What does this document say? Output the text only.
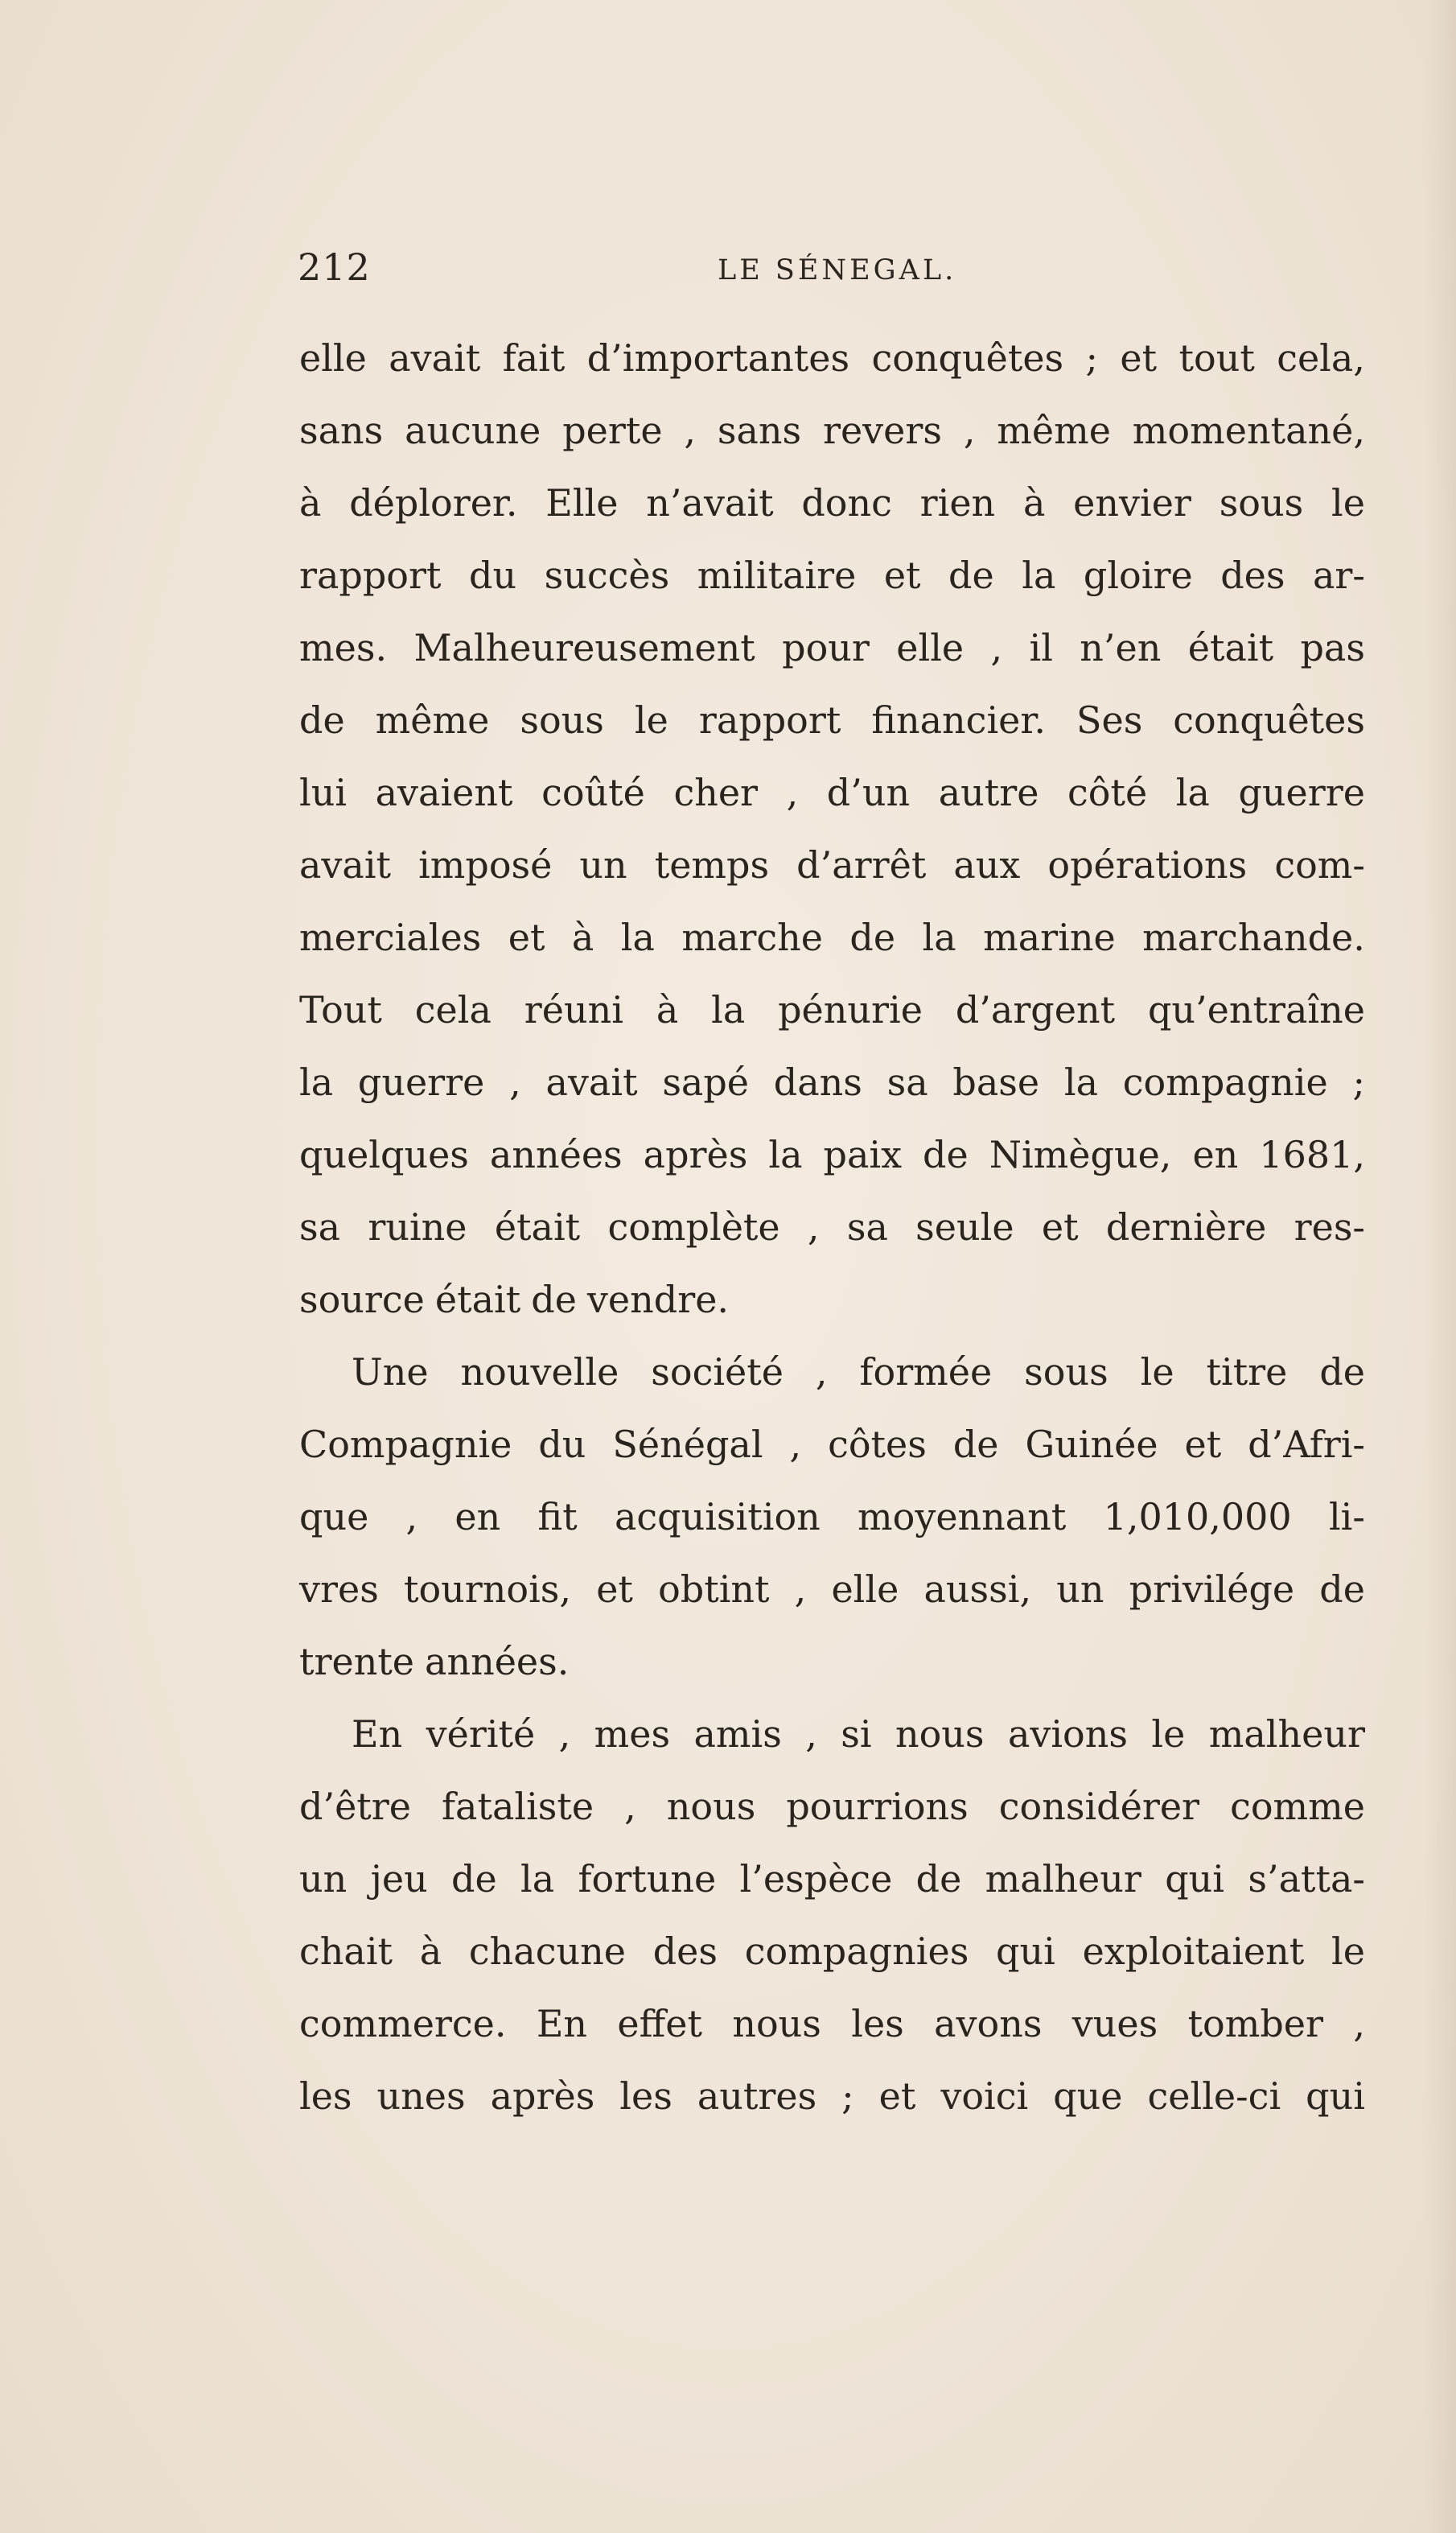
212	LE SÉNEGAL.
elle avait fait d’importantes conquêtes ; et tout cela,
sans aucune perte , sans revers , même momentané,
à déplorer. Elle n’avait donc rien à envier sous le
rapport du succès militaire et de la gloire des ar-
mes. Malheureusement pour elle , il n’en était pas
de même sous le rapport financier. Ses conquêtes
lui avaient coûté cher , d’un autre côté la guerre
avait imposé un temps d’arrêt aux opérations com-
merciales et à la marche de la marine marchande.
Tout cela réuni à la pénurie d’argent qu’entraîne
la guerre , avait sapé dans sa base la compagnie ;
quelques années après la paix de Nimègue, en 1681,
sa ruine était complète , sa seule et dernière res-
source était de vendre.
Une nouvelle société , formée sous le titre de
Compagnie du Sénégal , côtes de Guinée et d’Afri-
que , en fit acquisition moyennant 1,010,000 li-
vres tournois, et obtint , elle aussi, un privilége de
trente années.
En vérité , mes amis , si nous avions le malheur
d’être fataliste , nous pourrions considérer comme
un jeu de la fortune l’espèce de malheur qui s’atta-
chait à chacune des compagnies qui exploitaient le
commerce. En effet nous les avons vues tomber ,
les unes après les autres ; et voici que celle-ci qui
